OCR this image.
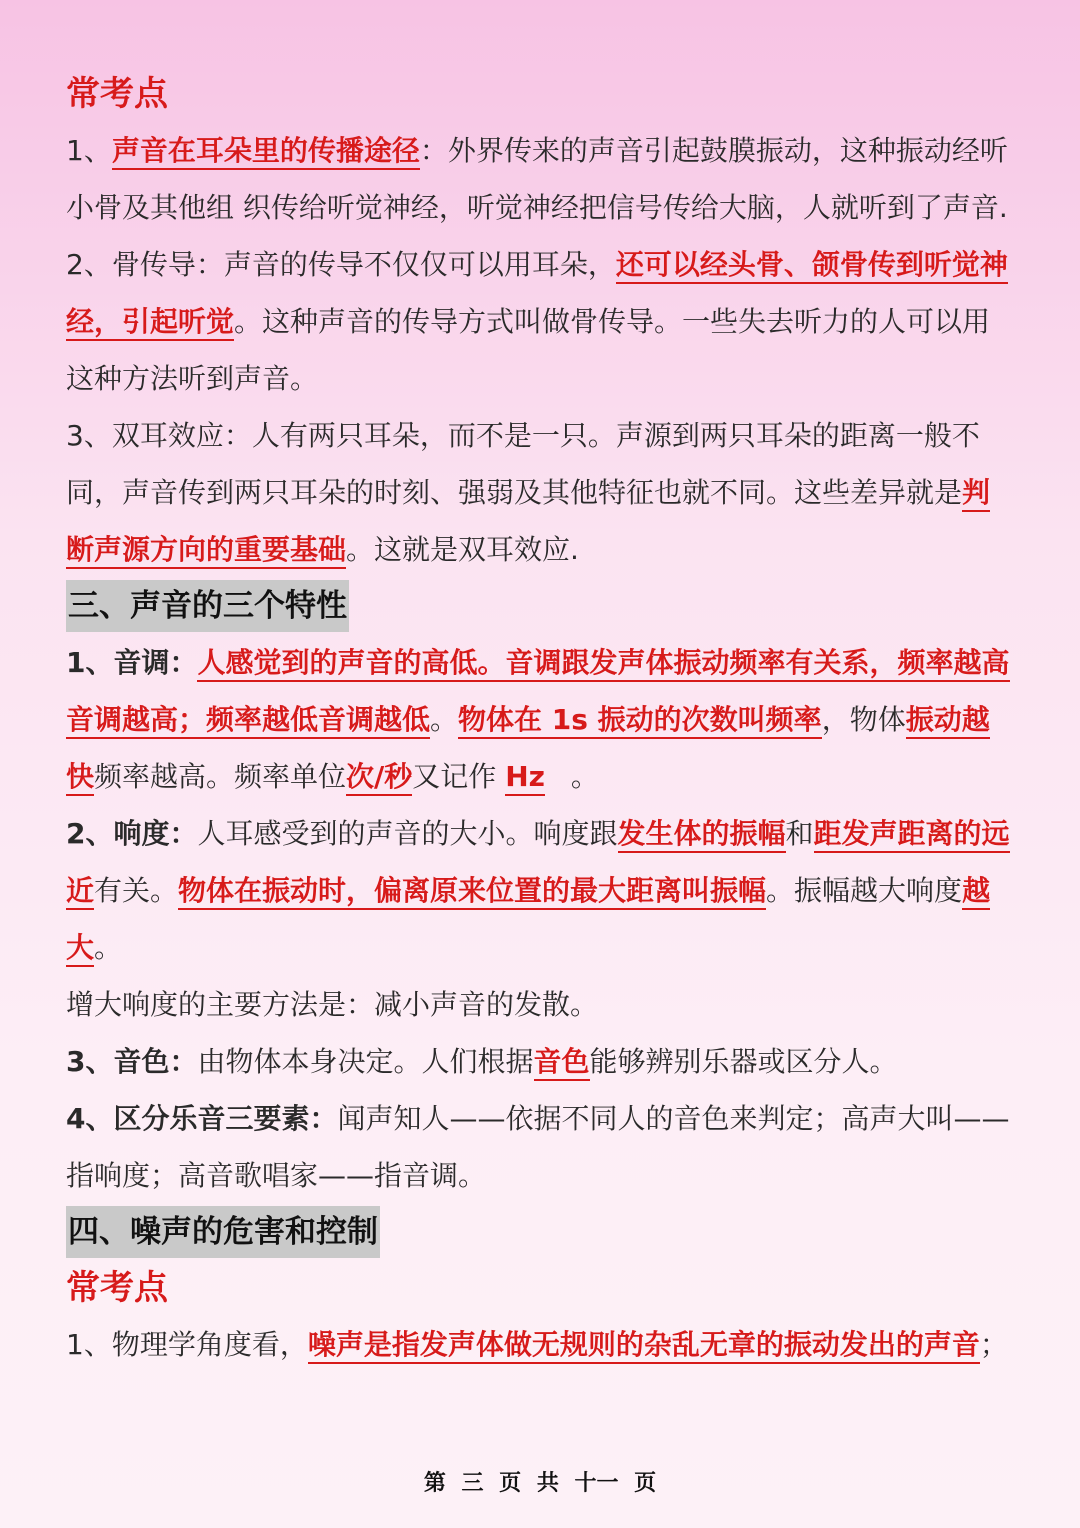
常考点

1、声音在耳朵里的传播途径：外界传来的声音引起鼓膜振动，这种振动经听小骨及其他组 织传给听觉神经，听觉神经把信号传给大脑，人就听到了声音.

2、骨传导：声音的传导不仅仅可以用耳朵，还可以经头骨、颌骨传到听觉神经，引起听觉。这种声音的传导方式叫做骨传导。一些失去听力的人可以用这种方法听到声音。

3、双耳效应：人有两只耳朵，而不是一只。声源到两只耳朵的距离一般不同，声音传到两只耳朵的时刻、强弱及其他特征也就不同。这些差异就是判断声源方向的重要基础。这就是双耳效应.

三、声音的三个特性

1、音调：人感觉到的声音的高低。音调跟发声体振动频率有关系，频率越高音调越高；频率越低音调越低。物体在 1s 振动的次数叫频率，物体振动越快频率越高。频率单位次/秒又记作 Hz 。

2、响度：人耳感受到的声音的大小。响度跟发生体的振幅和距发声距离的远近有关。物体在振动时，偏离原来位置的最大距离叫振幅。振幅越大响度越大。

增大响度的主要方法是：减小声音的发散。

3、音色：由物体本身决定。人们根据音色能够辨别乐器或区分人。

4、区分乐音三要素：闻声知人——依据不同人的音色来判定；高声大叫——指响度；高音歌唱家——指音调。

四、噪声的危害和控制

常考点

1、物理学角度看，噪声是指发声体做无规则的杂乱无章的振动发出的声音；

第 三 页 共 十一 页
